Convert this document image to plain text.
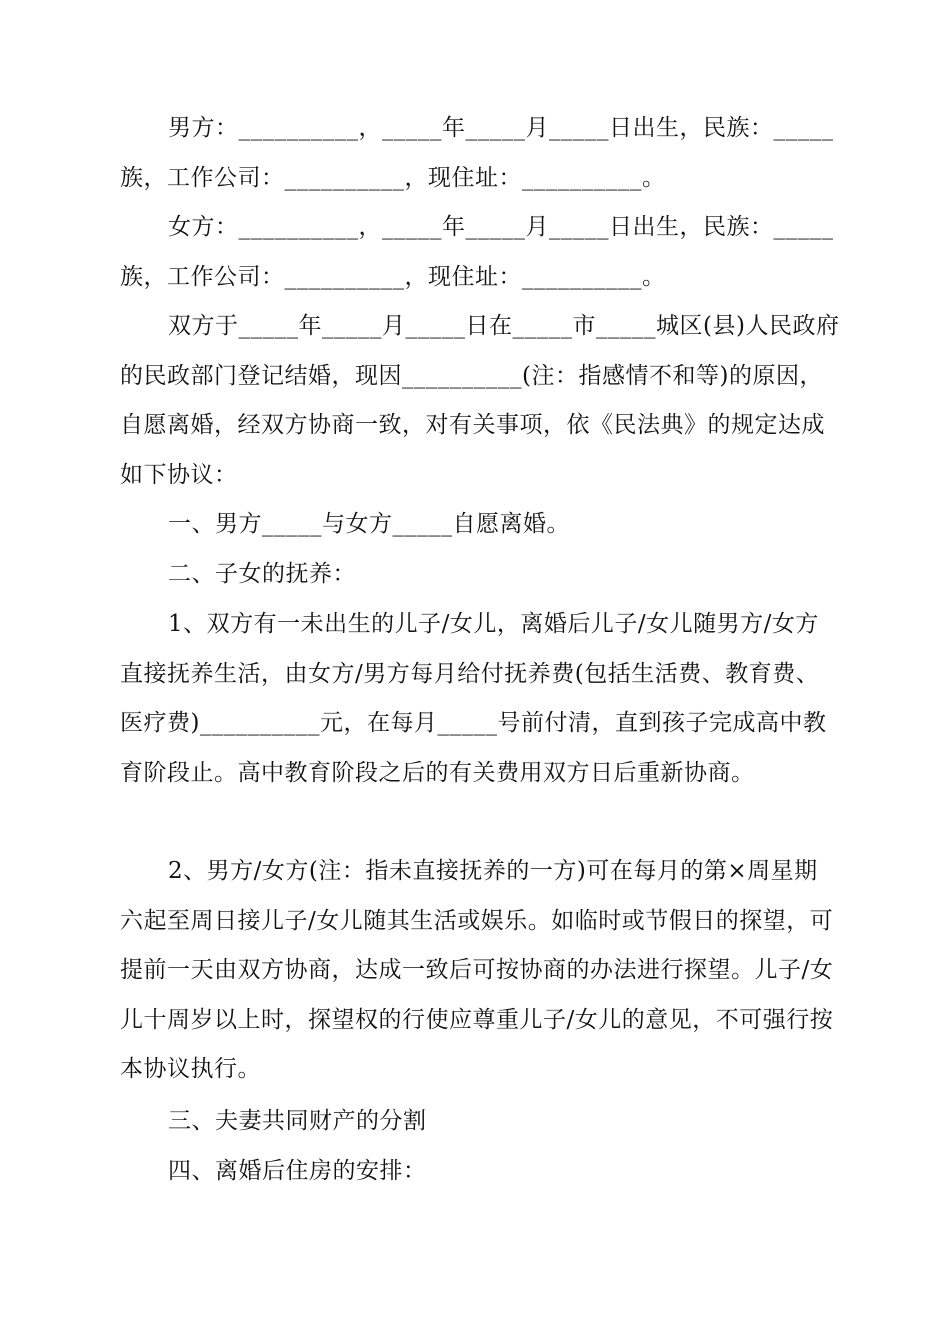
男方：__________，_____年_____月_____日出生，民族：_____族，工作公司：__________，现住址：__________。

女方：__________，_____年_____月_____日出生，民族：_____族，工作公司：__________，现住址：__________。

双方于_____年_____月_____日在_____市_____城区(县)人民政府的民政部门登记结婚，现因__________(注：指感情不和等)的原因，自愿离婚，经双方协商一致，对有关事项，依《民法典》的规定达成如下协议：

一、男方_____与女方_____自愿离婚。

二、子女的抚养：

1、双方有一未出生的儿子/女儿，离婚后儿子/女儿随男方/女方直接抚养生活，由女方/男方每月给付抚养费(包括生活费、教育费、医疗费)__________元，在每月_____号前付清，直到孩子完成高中教育阶段止。高中教育阶段之后的有关费用双方日后重新协商。

2、男方/女方(注：指未直接抚养的一方)可在每月的第×周星期六起至周日接儿子/女儿随其生活或娱乐。如临时或节假日的探望，可提前一天由双方协商，达成一致后可按协商的办法进行探望。儿子/女儿十周岁以上时，探望权的行使应尊重儿子/女儿的意见，不可强行按本协议执行。

三、夫妻共同财产的分割

四、离婚后住房的安排：
